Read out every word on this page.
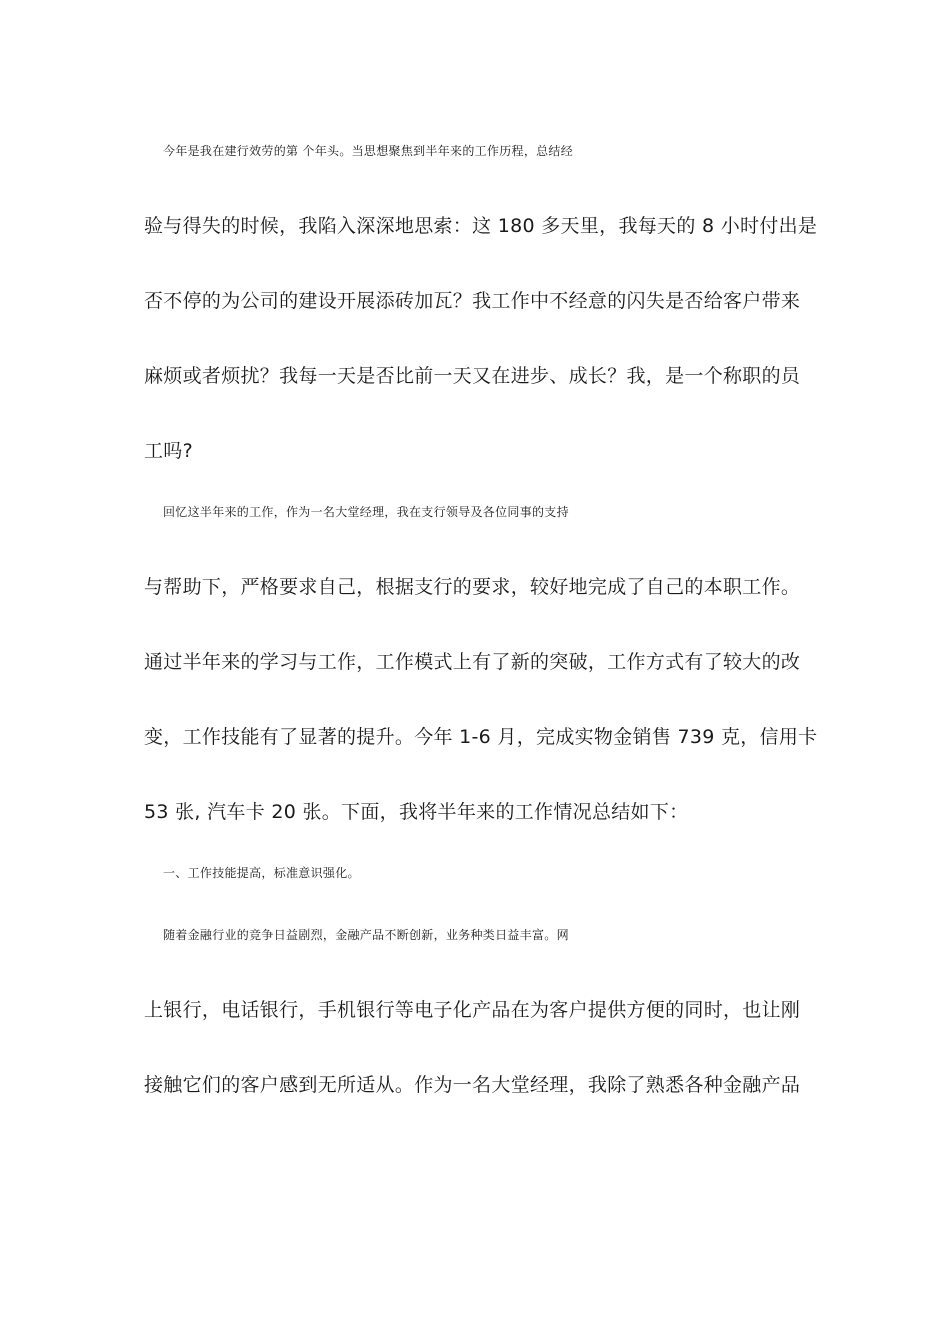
今年是我在建行效劳的第 个年头。当思想聚焦到半年来的工作历程，总结经
验与得失的时候，我陷入深深地思索：这 180 多天里，我每天的 8 小时付出是
否不停的为公司的建设开展添砖加瓦？我工作中不经意的闪失是否给客户带来
麻烦或者烦扰？我每一天是否比前一天又在进步、成长？我，是一个称职的员
工吗?
回忆这半年来的工作，作为一名大堂经理，我在支行领导及各位同事的支持
与帮助下，严格要求自己，根据支行的要求，较好地完成了自己的本职工作。
通过半年来的学习与工作，工作模式上有了新的突破，工作方式有了较大的改
变，工作技能有了显著的提升。今年 1-6 月，完成实物金销售 739 克，信用卡
53 张, 汽车卡 20 张。下面，我将半年来的工作情况总结如下：
一、工作技能提高，标准意识强化。
随着金融行业的竞争日益剧烈，金融产品不断创新，业务种类日益丰富。网
上银行，电话银行，手机银行等电子化产品在为客户提供方便的同时，也让刚
接触它们的客户感到无所适从。作为一名大堂经理，我除了熟悉各种金融产品
